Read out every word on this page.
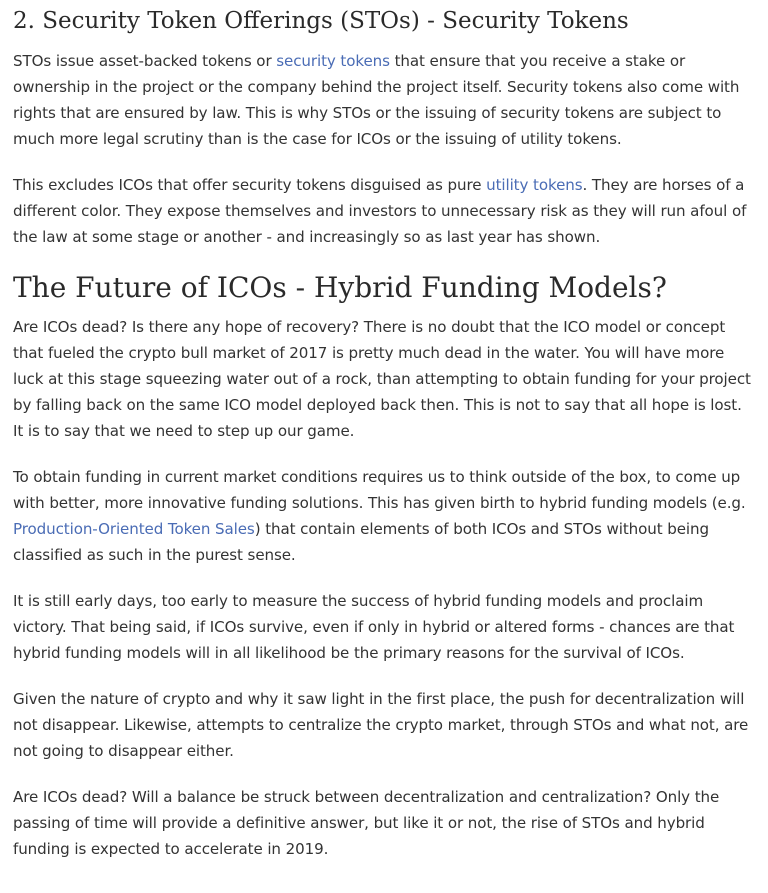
2. Security Token Offerings (STOs) - Security Tokens

STOs issue asset-backed tokens or security tokens that ensure that you receive a stake or ownership in the project or the company behind the project itself. Security tokens also come with rights that are ensured by law. This is why STOs or the issuing of security tokens are subject to much more legal scrutiny than is the case for ICOs or the issuing of utility tokens.

This excludes ICOs that offer security tokens disguised as pure utility tokens. They are horses of a different color. They expose themselves and investors to unnecessary risk as they will run afoul of the law at some stage or another - and increasingly so as last year has shown.

The Future of ICOs - Hybrid Funding Models?

Are ICOs dead? Is there any hope of recovery? There is no doubt that the ICO model or concept that fueled the crypto bull market of 2017 is pretty much dead in the water. You will have more luck at this stage squeezing water out of a rock, than attempting to obtain funding for your project by falling back on the same ICO model deployed back then. This is not to say that all hope is lost. It is to say that we need to step up our game.

To obtain funding in current market conditions requires us to think outside of the box, to come up with better, more innovative funding solutions. This has given birth to hybrid funding models (e.g. Production-Oriented Token Sales) that contain elements of both ICOs and STOs without being classified as such in the purest sense.

It is still early days, too early to measure the success of hybrid funding models and proclaim victory. That being said, if ICOs survive, even if only in hybrid or altered forms - chances are that hybrid funding models will in all likelihood be the primary reasons for the survival of ICOs.

Given the nature of crypto and why it saw light in the first place, the push for decentralization will not disappear. Likewise, attempts to centralize the crypto market, through STOs and what not, are not going to disappear either.

Are ICOs dead? Will a balance be struck between decentralization and centralization? Only the passing of time will provide a definitive answer, but like it or not, the rise of STOs and hybrid funding is expected to accelerate in 2019.
